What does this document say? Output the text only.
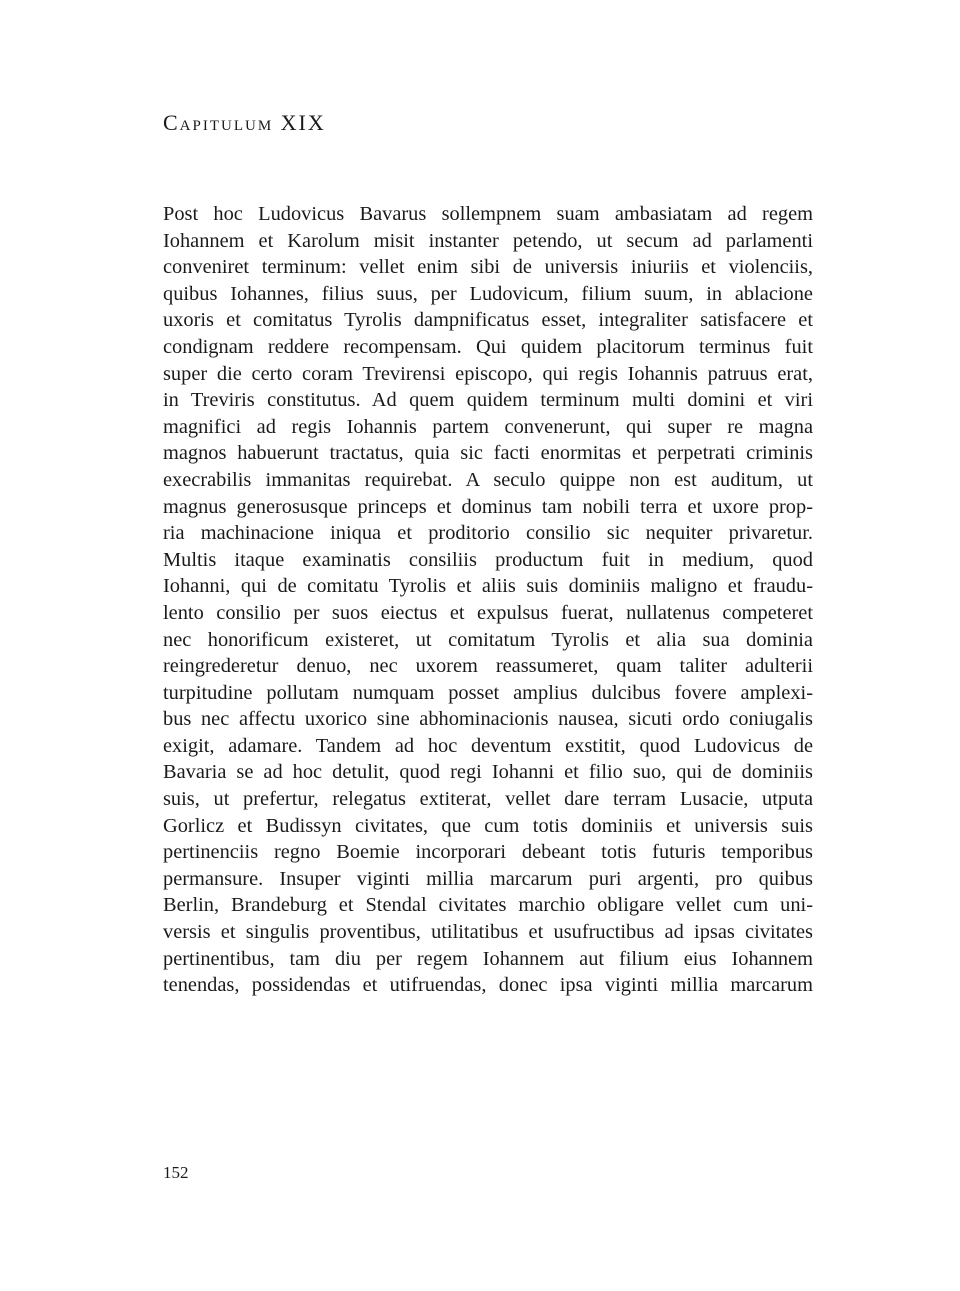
Capitulum XIX
Post hoc Ludovicus Bavarus sollempnem suam ambasiatam ad regem
Iohannem et Karolum misit instanter petendo, ut secum ad parlamenti
conveniret terminum: vellet enim sibi de universis iniuriis et violenciis,
quibus Iohannes, filius suus, per Ludovicum, filium suum, in ablacione
uxoris et comitatus Tyrolis dampnificatus esset, integraliter satisfacere et
condignam reddere recompensam. Qui quidem placitorum terminus fuit
super die certo coram Trevirensi episcopo, qui regis Iohannis patruus erat,
in Treviris constitutus. Ad quem quidem terminum multi domini et viri
magnifici ad regis Iohannis partem convenerunt, qui super re magna
magnos habuerunt tractatus, quia sic facti enormitas et perpetrati criminis
execrabilis immanitas requirebat. A seculo quippe non est auditum, ut
magnus generosusque princeps et dominus tam nobili terra et uxore prop-
ria machinacione iniqua et proditorio consilio sic nequiter privaretur.
Multis itaque examinatis consiliis productum fuit in medium, quod
Iohanni, qui de comitatu Tyrolis et aliis suis dominiis maligno et fraudu-
lento consilio per suos eiectus et expulsus fuerat, nullatenus competeret
nec honorificum existeret, ut comitatum Tyrolis et alia sua dominia
reingrederetur denuo, nec uxorem reassumeret, quam taliter adulterii
turpitudine pollutam numquam posset amplius dulcibus fovere amplexi-
bus nec affectu uxorico sine abhominacionis nausea, sicuti ordo coniugalis
exigit, adamare. Tandem ad hoc deventum exstitit, quod Ludovicus de
Bavaria se ad hoc detulit, quod regi Iohanni et filio suo, qui de dominiis
suis, ut prefertur, relegatus extiterat, vellet dare terram Lusacie, utputa
Gorlicz et Budissyn civitates, que cum totis dominiis et universis suis
pertinenciis regno Boemie incorporari debeant totis futuris temporibus
permansure. Insuper viginti millia marcarum puri argenti, pro quibus
Berlin, Brandeburg et Stendal civitates marchio obligare vellet cum uni-
versis et singulis proventibus, utilitatibus et usufructibus ad ipsas civitates
pertinentibus, tam diu per regem Iohannem aut filium eius Iohannem
tenendas, possidendas et utifruendas, donec ipsa viginti millia marcarum
152
